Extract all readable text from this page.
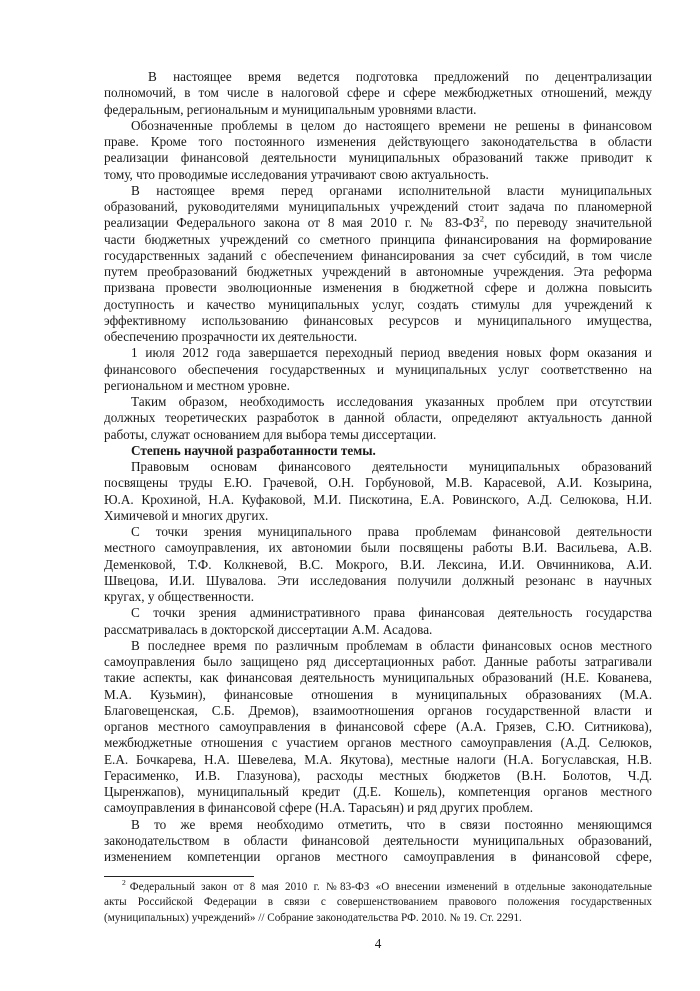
В настоящее время ведется подготовка предложений по децентрализации
полномочий, в том числе в налоговой сфере и сфере межбюджетных отношений, между
федеральным, региональным и муниципальным уровнями власти.
Обозначенные проблемы в целом до настоящего времени не решены в финансовом
праве. Кроме того постоянного изменения действующего законодательства в области
реализации финансовой деятельности муниципальных образований также приводит к
тому, что проводимые исследования утрачивают свою актуальность.
В настоящее время перед органами исполнительной власти муниципальных
образований, руководителями муниципальных учреждений стоит задача по планомерной
реализации Федерального закона от 8 мая 2010 г. № 83-ФЗ$^2$, по переводу значительной
части бюджетных учреждений со сметного принципа финансирования на формирование
государственных заданий с обеспечением финансирования за счет субсидий, в том числе
путем преобразований бюджетных учреждений в автономные учреждения. Эта реформа
призвана провести эволюционные изменения в бюджетной сфере и должна повысить
доступность и качество муниципальных услуг, создать стимулы для учреждений к
эффективному использованию финансовых ресурсов и муниципального имущества,
обеспечению прозрачности их деятельности.
1 июля 2012 года завершается переходный период введения новых форм оказания и
финансового обеспечения государственных и муниципальных услуг соответственно на
региональном и местном уровне.
Таким образом, необходимость исследования указанных проблем при отсутствии
должных теоретических разработок в данной области, определяют актуальность данной
работы, служат основанием для выбора темы диссертации.
Степень научной разработанности темы.
Правовым основам финансового деятельности муниципальных образований
посвящены труды Е.Ю. Грачевой, О.Н. Горбуновой, М.В. Карасевой, А.И. Козырина,
Ю.А. Крохиной, Н.А. Куфаковой, М.И. Пискотина, Е.А. Ровинского, А.Д. Селюкова, Н.И.
Химичевой и многих других.
С точки зрения муниципального права проблемам финансовой деятельности
местного самоуправления, их автономии были посвящены работы В.И. Васильева, А.В.
Деменковой, Т.Ф. Колкневой, В.С. Мокрого, В.И. Лексина, И.И. Овчинникова, А.И.
Швецова, И.И. Шувалова. Эти исследования получили должный резонанс в научных
кругах, у общественности.
С точки зрения административного права финансовая деятельность государства
рассматривалась в докторской диссертации А.М. Асадова.
В последнее время по различным проблемам в области финансовых основ местного
самоуправления было защищено ряд диссертационных работ. Данные работы затрагивали
такие аспекты, как финансовая деятельность муниципальных образований (Н.Е. Кованева,
М.А. Кузьмин), финансовые отношения в муниципальных образованиях (М.А.
Благовещенская, С.Б. Дремов), взаимоотношения органов государственной власти и
органов местного самоуправления в финансовой сфере (А.А. Грязев, С.Ю. Ситникова),
межбюджетные отношения с участием органов местного самоуправления (А.Д. Селюков,
Е.А. Бочкарева, Н.А. Шевелева, М.А. Якутова), местные налоги (Н.А. Богуславская, Н.В.
Герасименко, И.В. Глазунова), расходы местных бюджетов (В.Н. Болотов, Ч.Д.
Цыренжапов), муниципальный кредит (Д.Е. Кошель), компетенция органов местного
самоуправления в финансовой сфере (Н.А. Тарасьян) и ряд других проблем.
В то же время необходимо отметить, что в связи постоянно меняющимся
законодательством в области финансовой деятельности муниципальных образований,
изменением компетенции органов местного самоуправления в финансовой сфере,
$^2$ Федеральный закон от 8 мая 2010 г. №83-ФЗ «О внесении изменений в отдельные законодательные
акты Российской Федерации в связи с совершенствованием правового положения государственных
(муниципальных) учреждений» // Собрание законодательства РФ. 2010. № 19. Ст. 2291.
4
